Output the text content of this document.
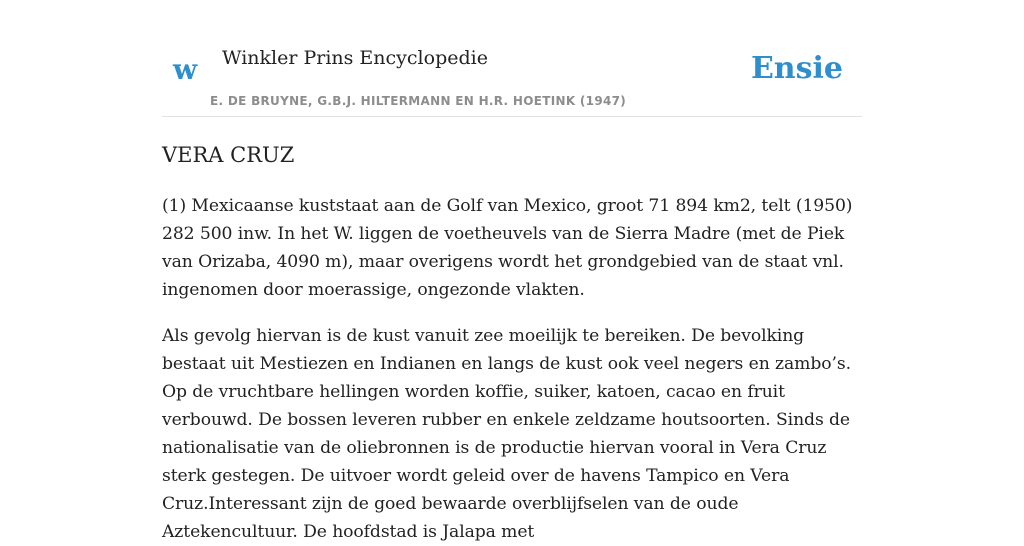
w Winkler Prins Encyclopedie
E. DE BRUYNE, G.B.J. HILTERMANN EN H.R. HOETINK (1947)
Ensie
VERA CRUZ

(1) Mexicaanse kuststaat aan de Golf van Mexico, groot 71 894 km2, telt (1950) 282 500 inw. In het W. liggen de voetheuvels van de Sierra Madre (met de Piek van Orizaba, 4090 m), maar overigens wordt het grondgebied van de staat vnl. ingenomen door moerassige, ongezonde vlakten.

Als gevolg hiervan is de kust vanuit zee moeilijk te bereiken. De bevolking bestaat uit Mestiezen en Indianen en langs de kust ook veel negers en zambo’s. Op de vruchtbare hellingen worden koffie, suiker, katoen, cacao en fruit verbouwd. De bossen leveren rubber en enkele zeldzame houtsoorten. Sinds de nationalisatie van de oliebronnen is de productie hiervan vooral in Vera Cruz sterk gestegen. De uitvoer wordt geleid over de havens Tampico en Vera Cruz.Interessant zijn de goed bewaarde overblijfselen van de oude Aztekencultuur. De hoofdstad is Jalapa met
